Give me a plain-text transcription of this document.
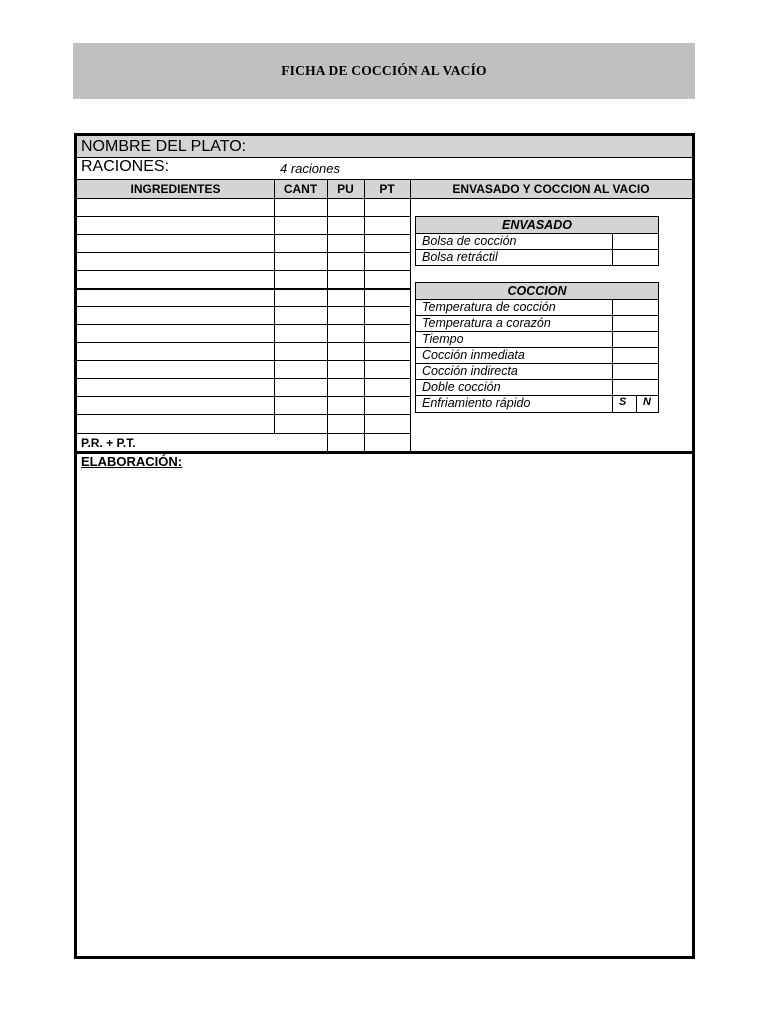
FICHA DE COCCIÓN AL VACÍO
NOMBRE DEL PLATO:
RACIONES:	4 raciones
INGREDIENTES	CANT	PU	PT	ENVASADO Y COCCION AL VACIO
P.R. + P.T.
ENVASADO
Bolsa de cocción
Bolsa retráctil
COCCION
Temperatura de cocción
Temperatura a corazón
Tiempo
Cocción inmediata
Cocción indirecta
Doble cocción
Enfriamiento rápido	S N
ELABORACIÓN:
